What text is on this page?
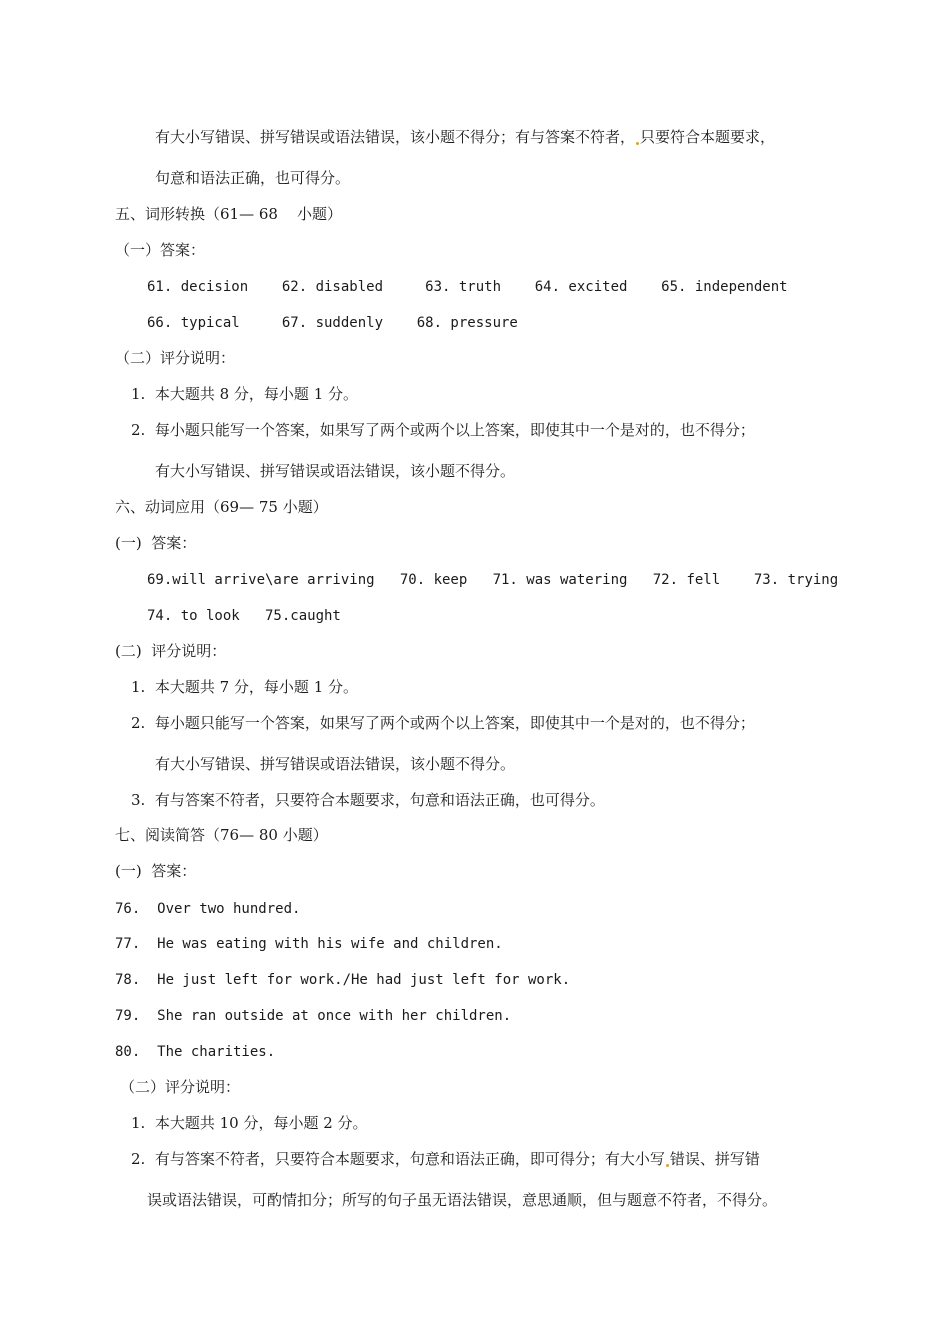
有大小写错误、拼写错误或语法错误，该小题不得分；有与答案不符者， 只要符合本题要求，
句意和语法正确，也可得分。
五、词形转换（61— 68    小题）
（一）答案：
61. decision    62. disabled     63. truth    64. excited    65. independent
66. typical     67. suddenly    68. pressure
（二）评分说明：
1.  本大题共 8 分，每小题 1 分。
2.  每小题只能写一个答案，如果写了两个或两个以上答案，即使其中一个是对的，也不得分；
有大小写错误、拼写错误或语法错误，该小题不得分。
六、动词应用（69— 75 小题）
(一)  答案：
69.will arrive\are arriving   70. keep   71. was watering   72. fell    73. trying
74. to look   75.caught
(二)  评分说明：
1.  本大题共 7 分，每小题 1 分。
2.  每小题只能写一个答案，如果写了两个或两个以上答案，即使其中一个是对的，也不得分；
有大小写错误、拼写错误或语法错误，该小题不得分。
3.  有与答案不符者，只要符合本题要求，句意和语法正确，也可得分。
七、阅读简答（76— 80 小题）
(一)  答案：
76.  Over two hundred.
77.  He was eating with his wife and children.
78.  He just left for work./He had just left for work.
79.  She ran outside at once with her children.
80.  The charities.
（二）评分说明：
1.  本大题共 10 分，每小题 2 分。
2.  有与答案不符者，只要符合本题要求，句意和语法正确，即可得分；有大小写 错误、拼写错
误或语法错误，可酌情扣分；所写的句子虽无语法错误，意思通顺，但与题意不符者，不得分。
